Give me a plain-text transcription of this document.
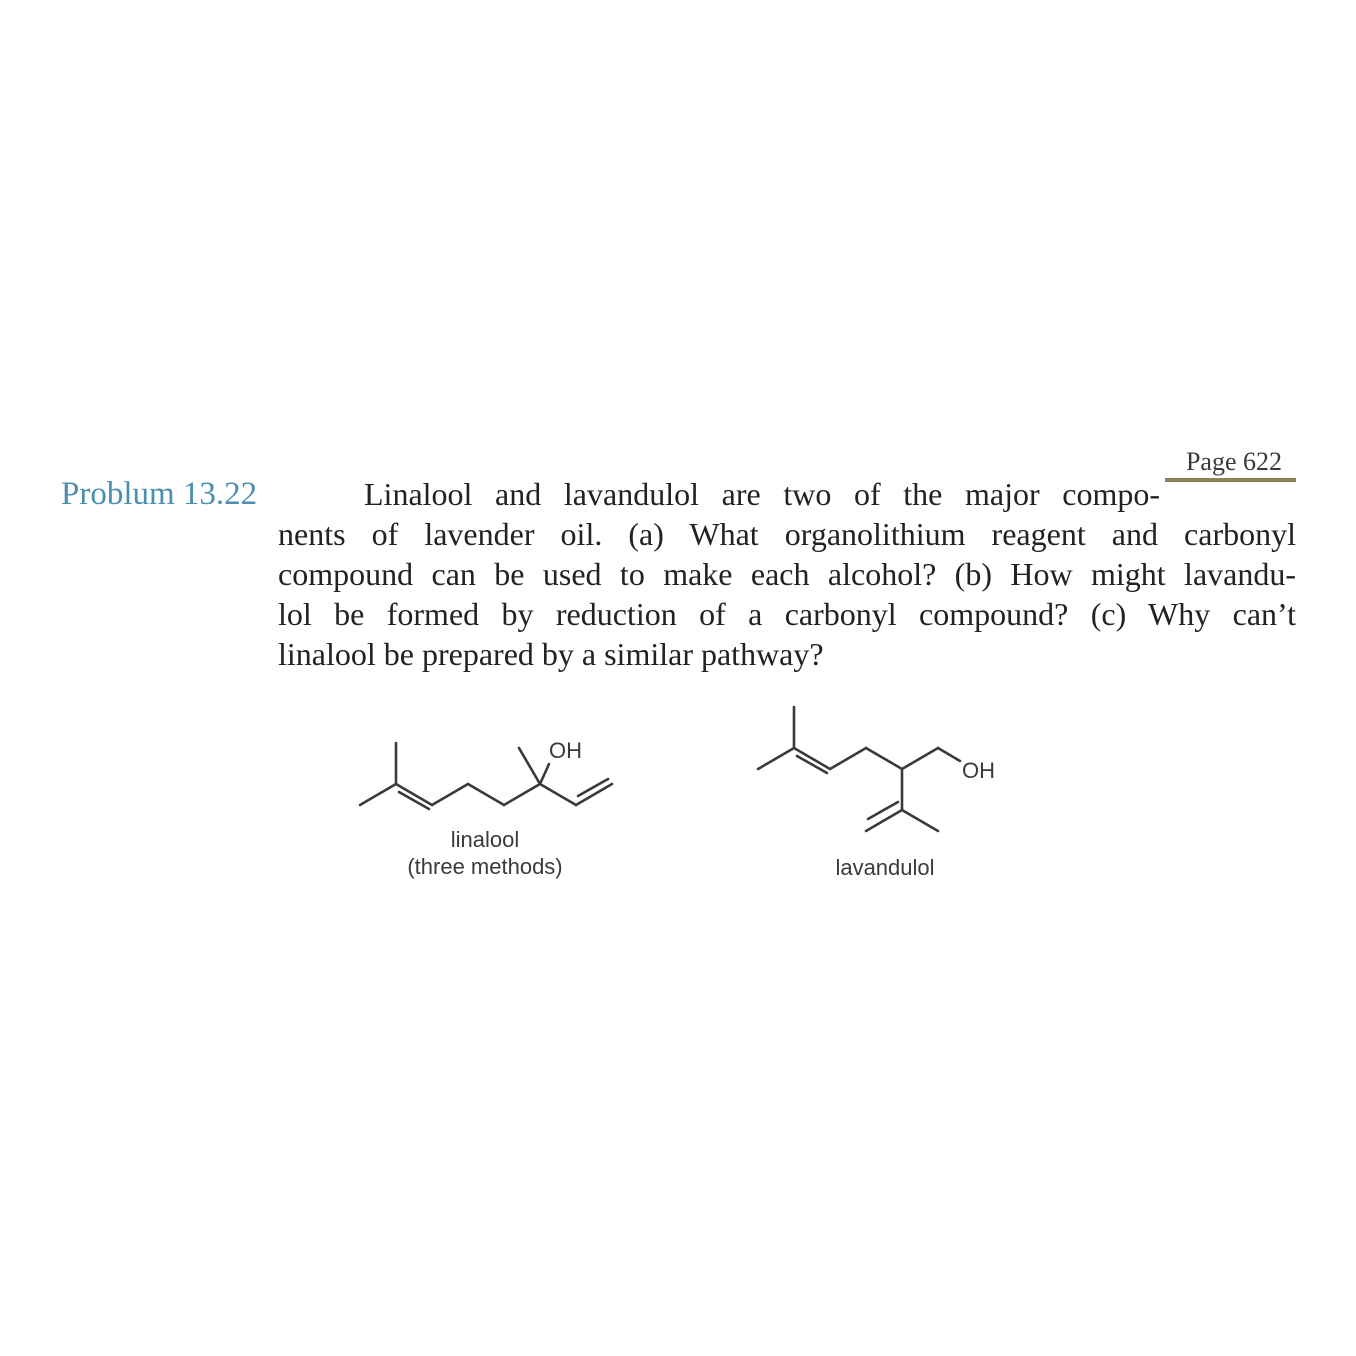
Page 622
Problum 13.22	Linalool and lavandulol are two of the major compo-
nents of lavender oil. (a) What organolithium reagent and carbonyl
compound can be used to make each alcohol? (b) How might lavandu-
lol be formed by reduction of a carbonyl compound? (c) Why can’t
linalool be prepared by a similar pathway?
OH
linalool
(three methods)
OH
lavandulol
